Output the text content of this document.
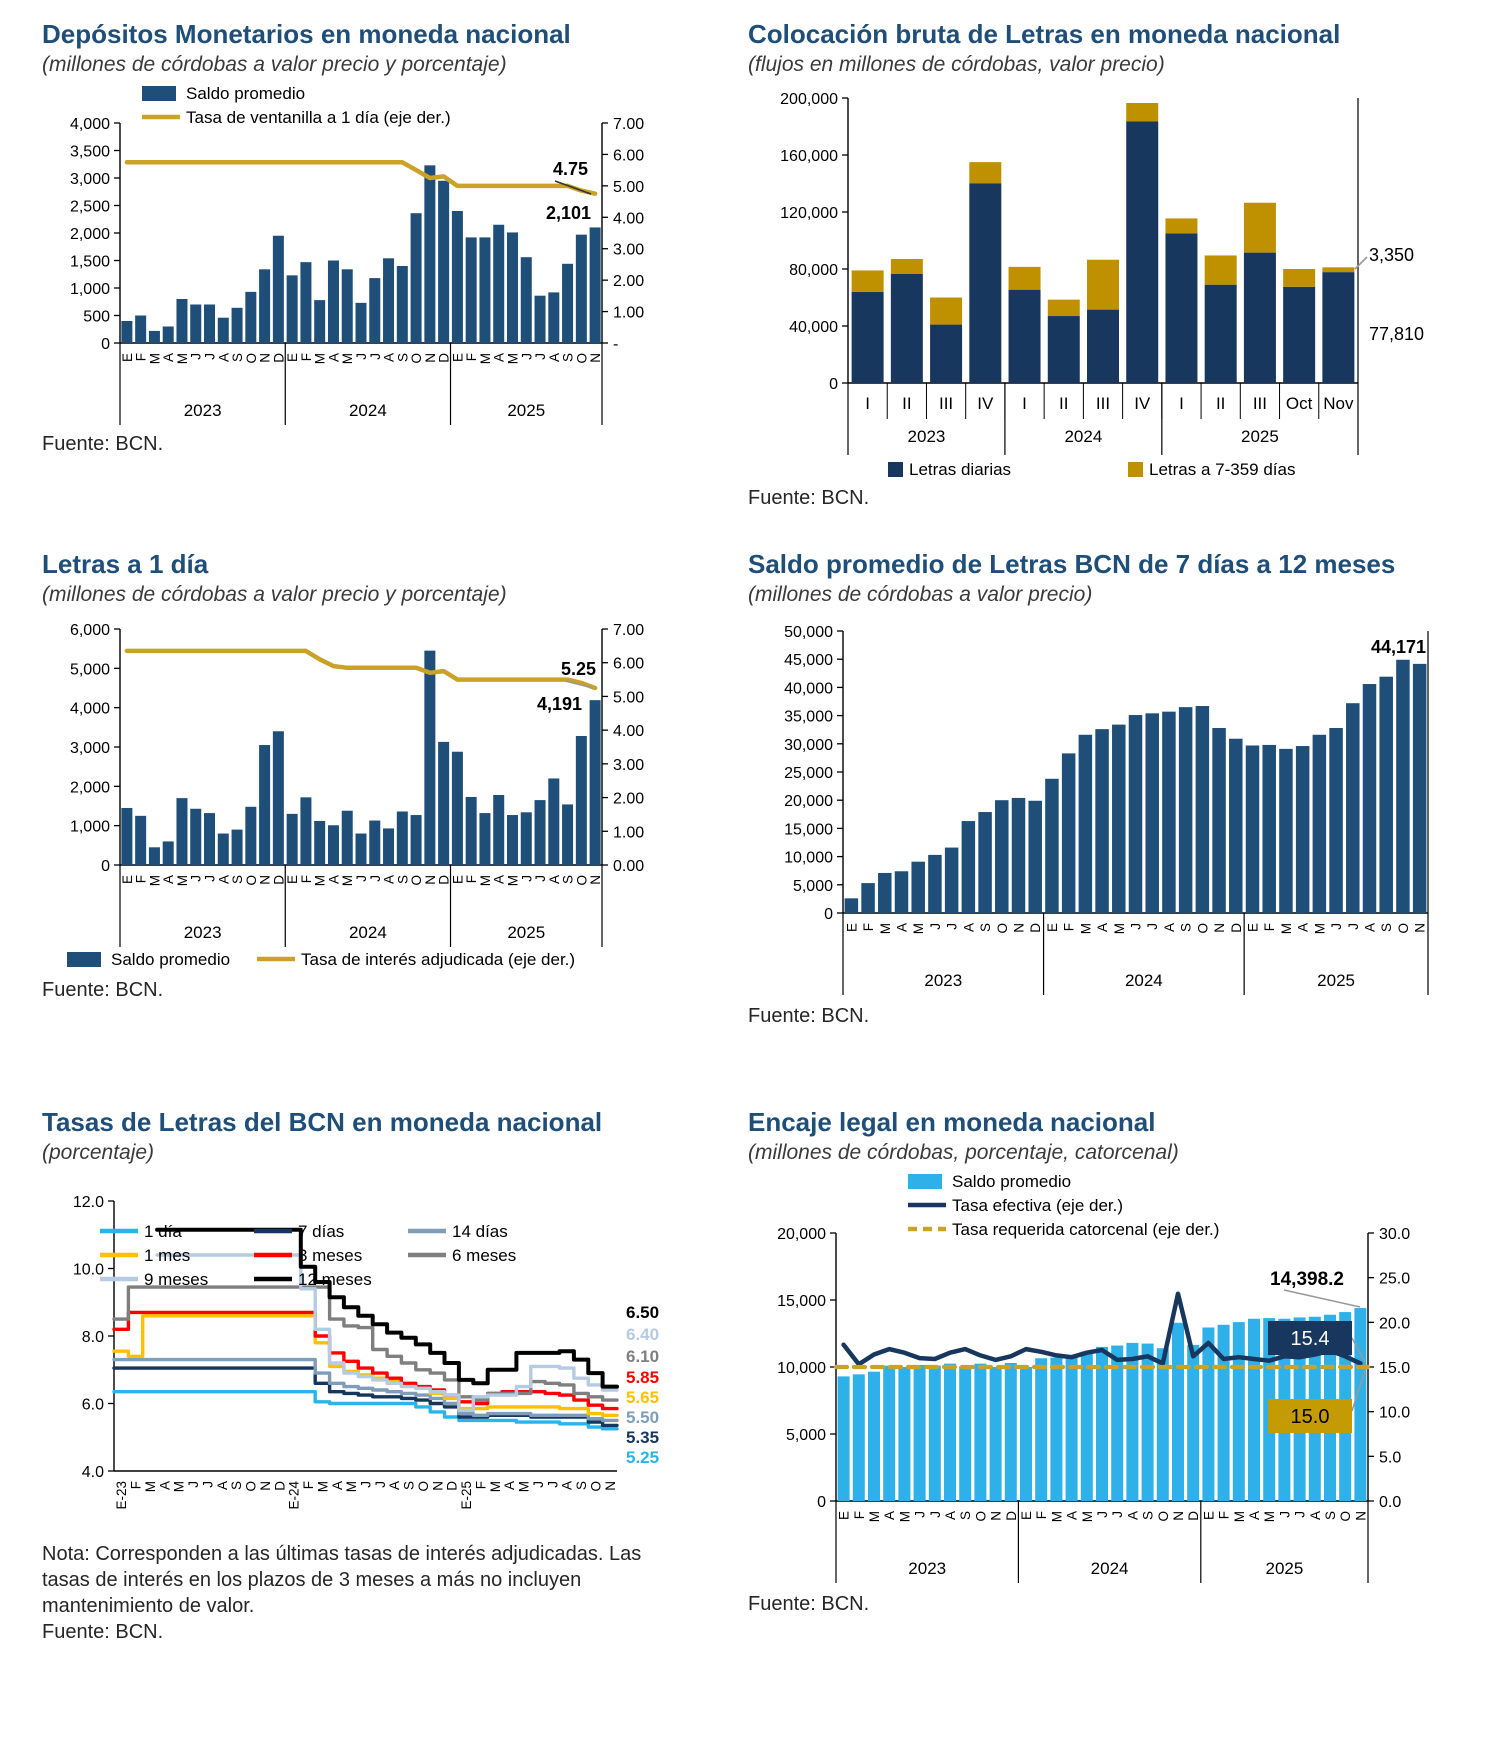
Depósitos Monetarios en moneda nacional
(millones de córdobas a valor precio y porcentaje)
0
500
1,000
1,500
2,000
2,500
3,000
3,500
4,000
-
1.00
2.00
3.00
4.00
5.00
6.00
7.00
E
F
M
A
M
J
J
A
S
O
N
D
E
F
M
A
M
J
J
A
S
O
N
D
E
F
M
A
M
J
J
A
S
O
N
2023	2024	2025
4.75
2,101
Saldo promedio
Tasa de ventanilla a 1 día (eje der.)
Fuente: BCN.
Colocación bruta de Letras en moneda nacional
(flujos en millones de córdobas, valor precio)
0
40,000
80,000
120,000
160,000
200,000
I II III IV I II III IV I II III Oct Nov
2023	2024	2025
3,350
77,810
Letras diarias	Letras a 7-359 días
Fuente: BCN.
Letras a 1 día
(millones de córdobas a valor precio y porcentaje)
0
1,000
2,000
3,000
4,000
5,000
6,000
0.00
1.00
2.00
3.00
4.00
5.00
6.00
7.00
E
F
M
A
M
J
J
A
S
O
N
D
E
F
M
A
M
J
J
A
S
O
N
D
E
F
M
A
M
J
J
A
S
O
N
2023	2024	2025
5.25
4,191
Saldo promedio	Tasa de interés adjudicada (eje der.)
Fuente: BCN.
Saldo promedio de Letras BCN de 7 días a 12 meses
(millones de córdobas a valor precio)
0
5,000
10,000
15,000
20,000
25,000
30,000
35,000
40,000
45,000
50,000
E F M A M J J A S O N D E F M A M J J A S O N D E F M A M J J A S O N
2023	2024	2025
44,171
Fuente: BCN.
Tasas de Letras del BCN en moneda nacional
(porcentaje)
4.0
6.0
8.0
10.0
12.0
E-23 F M A M J J A S O N D E-24 F M A M J J A S O N D E-25 F M A M J J A S O N
6.50
6.40
6.10
5.85
5.65
5.50
5.35
5.25
1 día	7 días	14 días
1 mes	3 meses	6 meses
9 meses	12 meses
Nota: Corresponden a las últimas tasas de interés adjudicadas. Las tasas de interés en los plazos de 3 meses a más no incluyen mantenimiento de valor.
Fuente: BCN.
Encaje legal en moneda nacional
(millones de córdobas, porcentaje, catorcenal)
0
5,000
10,000
15,000
20,000
0.0
5.0
10.0
15.0
20.0
25.0
30.0
E F M A M J J A S O N D E F M A M J J A S O N D E F M A M J J A S O N
2023	2024	2025
14,398.2
15.4
15.0
Saldo promedio
Tasa efectiva (eje der.)
Tasa requerida catorcenal (eje der.)
Fuente: BCN.
